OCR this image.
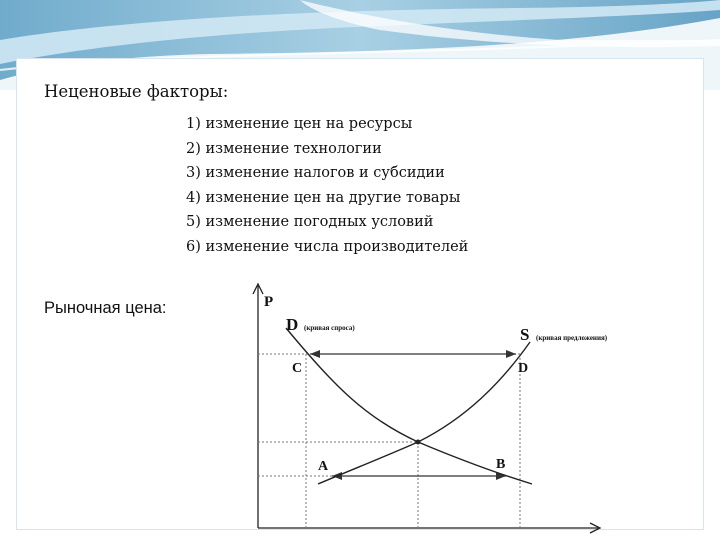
Неценовые факторы:
1) изменение цен на ресурсы
2) изменение технологии
3) изменение налогов и субсидии
4) изменение цен на другие товары
5) изменение погодных условий
6) изменение числа производителей
Рыночная цена:	P
D (кривая спроса)	S (кривая предложения)
C	D
A	B
